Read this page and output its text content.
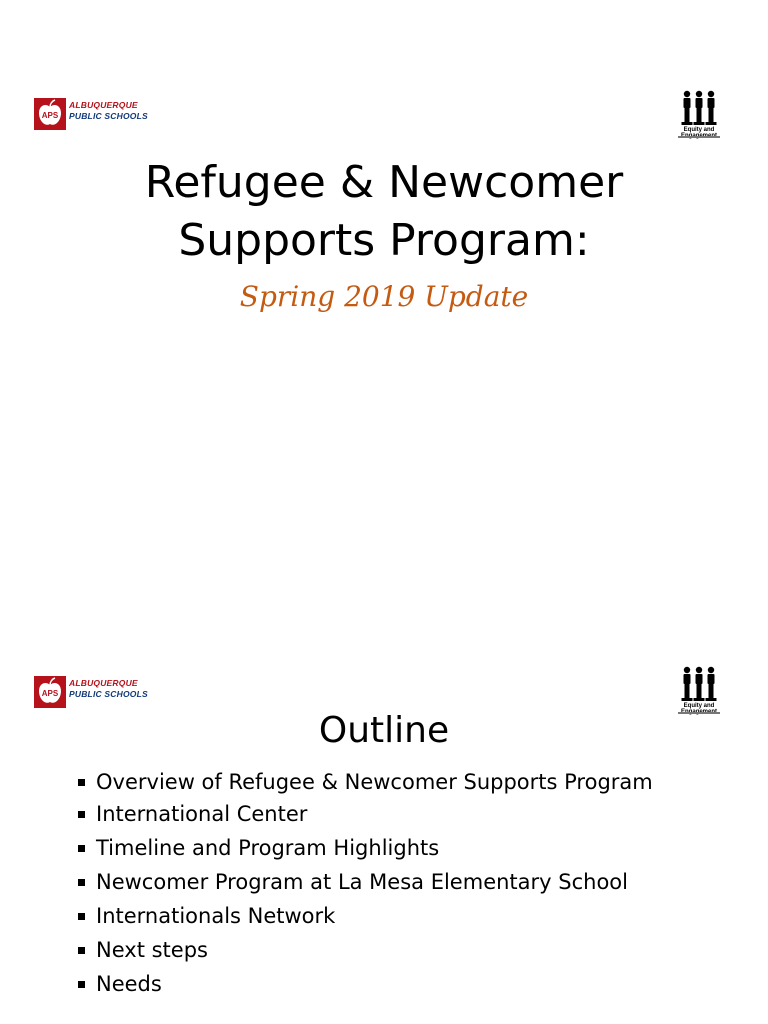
APS
ALBUQUERQUE
PUBLIC SCHOOLS
Equity and
Refugee & Newcomer
Supports Program:
Spring 2019 Update
APS
ALBUQUERQUE
PUBLIC SCHOOLS
Equity and
Outline
Overview of Refugee & Newcomer Supports Program
International Center
Timeline and Program Highlights
Newcomer Program at La Mesa Elementary School
Internationals Network
Next steps
Needs
